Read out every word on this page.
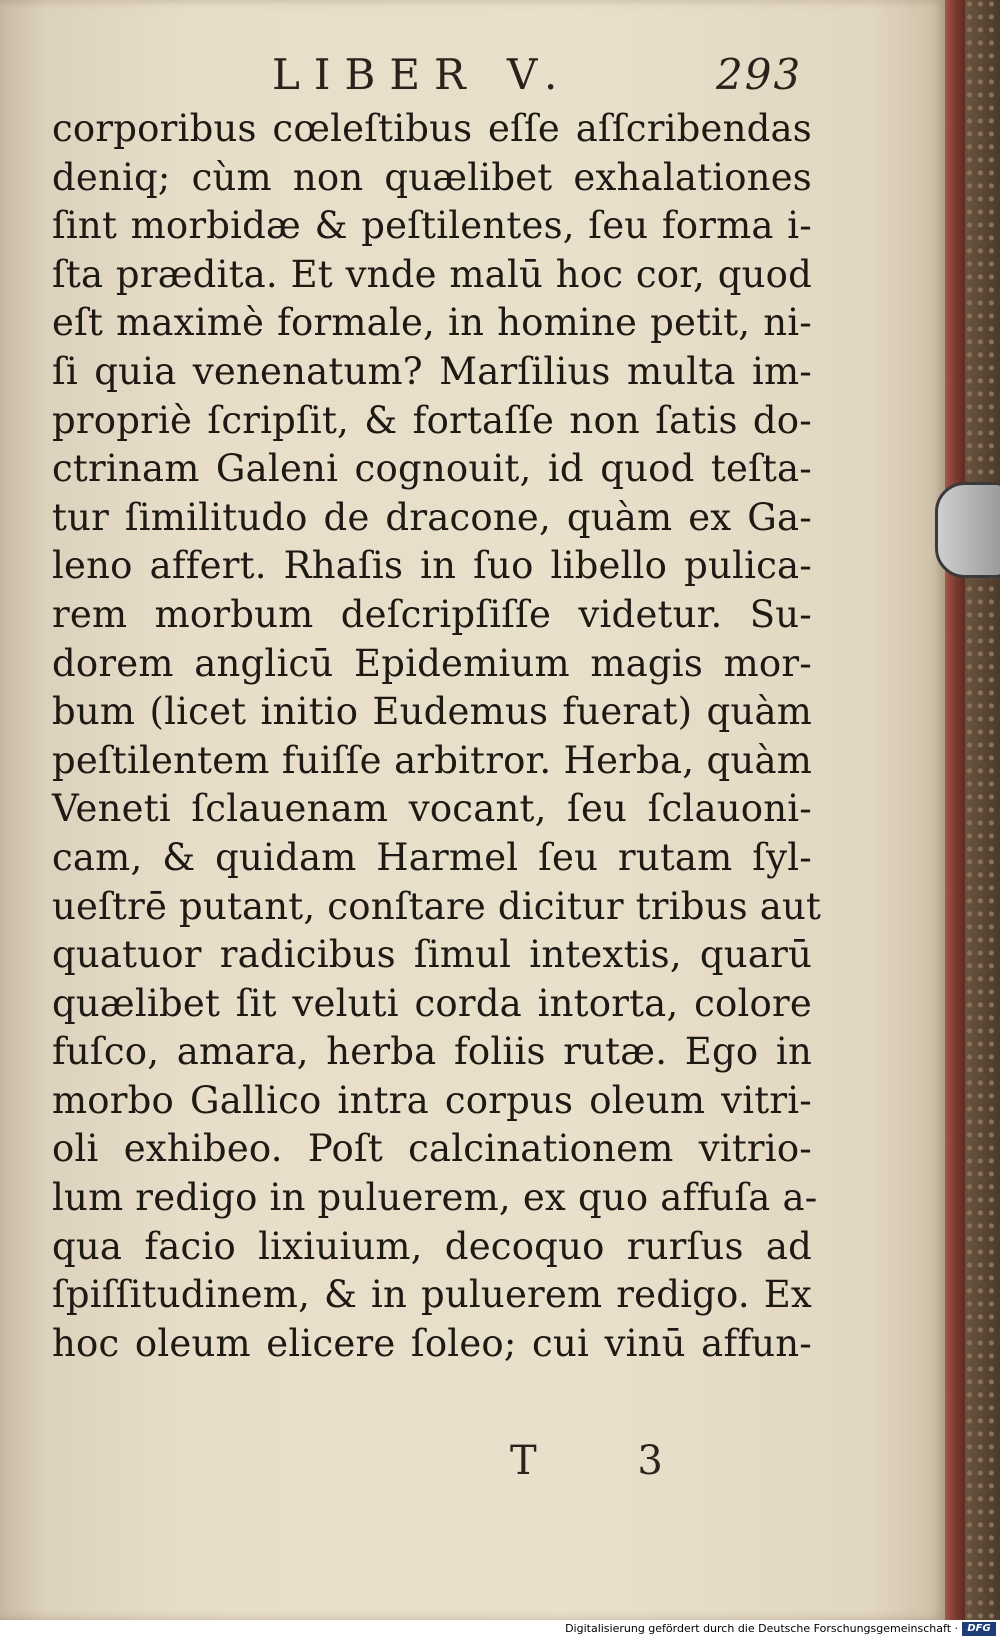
LIBER V.	293
corporibus cœleſtibus eſſe aſſcribendas
deniq; cùm non quælibet exhalationes
ſint morbidæ & peſtilentes, ſeu forma i-
ſta prædita. Et vnde malū hoc cor, quod
eſt maximè formale, in homine petit, ni-
ſi quia venenatum? Marſilius multa im-
propriè ſcripſit, & fortaſſe non ſatis do-
ctrinam Galeni cognouit, id quod teſta-
tur ſimilitudo de dracone, quàm ex Ga-
leno affert. Rhaſis in ſuo libello pulica-
rem morbum deſcripſiſſe videtur. Su-
dorem anglicū Epidemium magis mor-
bum (licet initio Eudemus fuerat) quàm
peſtilentem fuiſſe arbitror. Herba, quàm
Veneti ſclauenam vocant, ſeu ſclauoni-
cam, & quidam Harmel ſeu rutam ſyl-
ueſtrē putant, conſtare dicitur tribus aut
quatuor radicibus ſimul intextis, quarū
quælibet ſit veluti corda intorta, colore
fuſco, amara, herba foliis rutæ. Ego in
morbo Gallico intra corpus oleum vitri-
oli exhibeo. Poſt calcinationem vitrio-
lum redigo in puluerem, ex quo affuſa a-
qua facio lixiuium, decoquo rurſus ad
ſpiſſitudinem, & in puluerem redigo. Ex
hoc oleum elicere ſoleo; cui vinū affun-
T 3
Digitalisierung gefördert durch die Deutsche Forschungsgemeinschaft · DFG
